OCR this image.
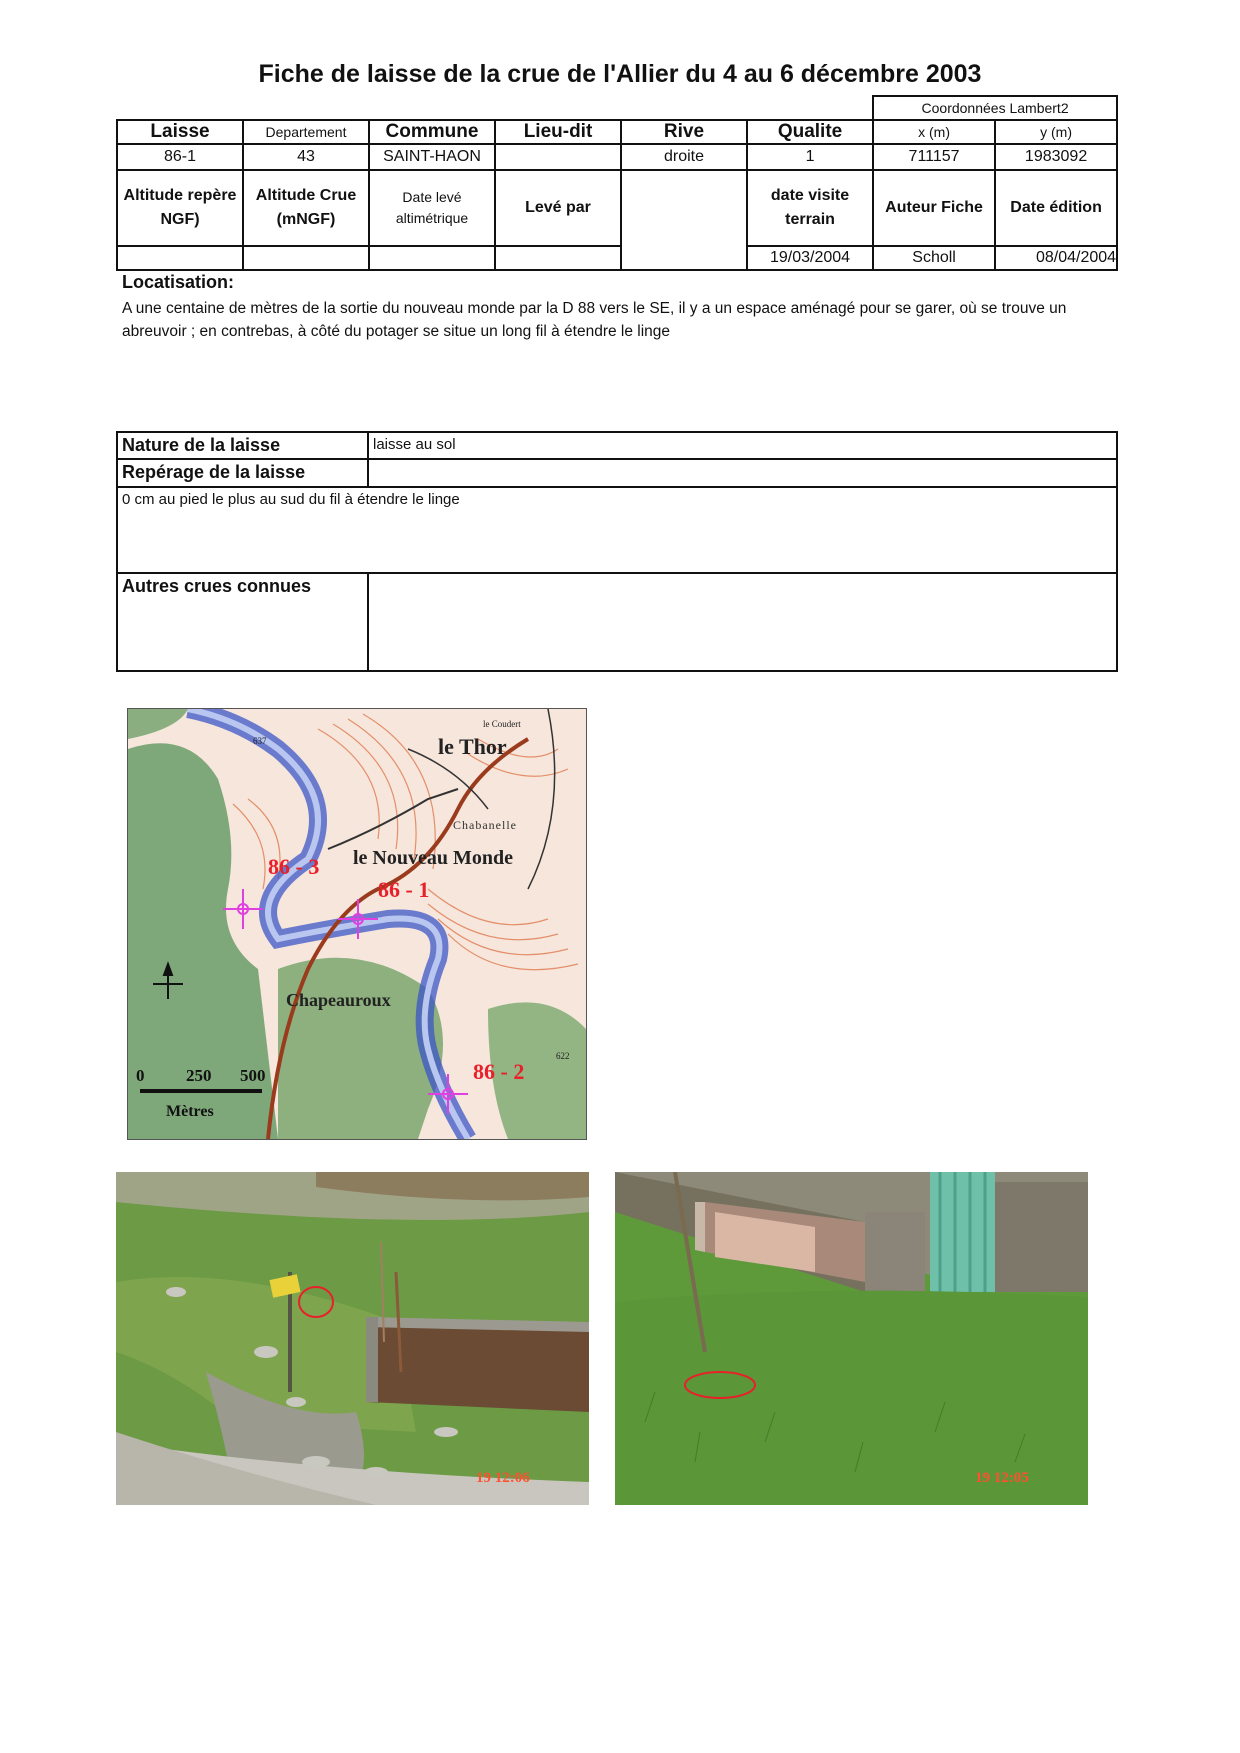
Fiche de laisse de la crue de l'Allier du 4 au 6 décembre 2003
						Coordonnées Lambert2	
Laisse	Departement	Commune	Lieu-dit	Rive	Qualite	x (m)	y (m)
86-1	43	SAINT-HAON		droite	1	711157	1983092
Altitude repère NGF)	Altitude Crue (mNGF)	Date levé altimétrique	Levé par		date visite terrain	Auteur Fiche	Date édition
					19/03/2004	Scholl	08/04/2004
Locatisation:
A une centaine de mètres de la sortie du nouveau monde par la D 88 vers le SE, il y a un espace aménagé pour se garer, où se trouve un abreuvoir ; en contrebas, à côté du potager se situe un long fil à étendre le linge
Nature de la laisse	laisse au sol
Repérage de la laisse	
0 cm au pied le plus au sud du fil à étendre le linge	
Autres crues connues	
le Thor
le Coudert
Chabanelle
le Nouveau Monde
Chapeauroux
86 - 3
86 - 1
86 - 2
637
622
0 250 500
Mètres
19 12:06	19 12:05
